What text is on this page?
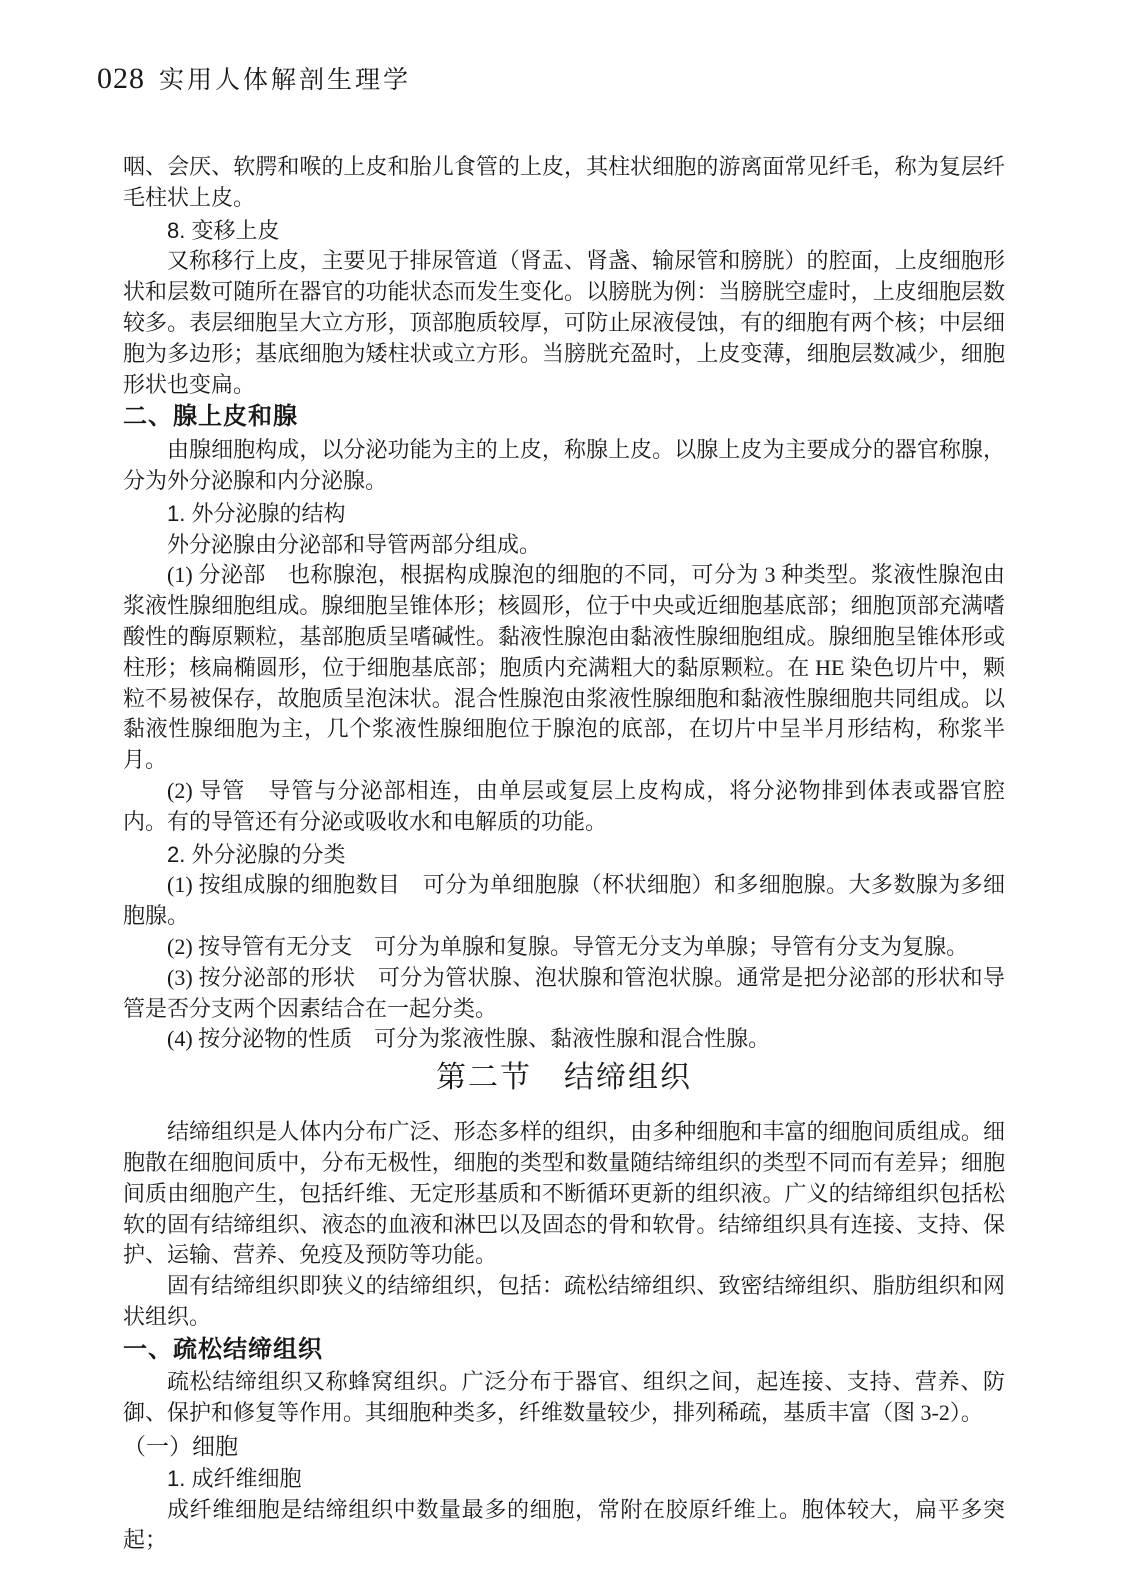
028 实用人体解剖生理学

咽、会厌、软腭和喉的上皮和胎儿食管的上皮，其柱状细胞的游离面常见纤毛，称为复层纤毛柱状上皮。

8. 变移上皮

又称移行上皮，主要见于排尿管道（肾盂、肾盏、输尿管和膀胱）的腔面，上皮细胞形状和层数可随所在器官的功能状态而发生变化。以膀胱为例：当膀胱空虚时，上皮细胞层数较多。表层细胞呈大立方形，顶部胞质较厚，可防止尿液侵蚀，有的细胞有两个核；中层细胞为多边形；基底细胞为矮柱状或立方形。当膀胱充盈时，上皮变薄，细胞层数减少，细胞形状也变扁。

二、腺上皮和腺

由腺细胞构成，以分泌功能为主的上皮，称腺上皮。以腺上皮为主要成分的器官称腺，分为外分泌腺和内分泌腺。

1. 外分泌腺的结构

外分泌腺由分泌部和导管两部分组成。

(1) 分泌部　也称腺泡，根据构成腺泡的细胞的不同，可分为 3 种类型。浆液性腺泡由浆液性腺细胞组成。腺细胞呈锥体形；核圆形，位于中央或近细胞基底部；细胞顶部充满嗜酸性的酶原颗粒，基部胞质呈嗜碱性。黏液性腺泡由黏液性腺细胞组成。腺细胞呈锥体形或柱形；核扁椭圆形，位于细胞基底部；胞质内充满粗大的黏原颗粒。在 HE 染色切片中，颗粒不易被保存，故胞质呈泡沫状。混合性腺泡由浆液性腺细胞和黏液性腺细胞共同组成。以黏液性腺细胞为主，几个浆液性腺细胞位于腺泡的底部，在切片中呈半月形结构，称浆半月。

(2) 导管　导管与分泌部相连，由单层或复层上皮构成，将分泌物排到体表或器官腔内。有的导管还有分泌或吸收水和电解质的功能。

2. 外分泌腺的分类

(1) 按组成腺的细胞数目　可分为单细胞腺（杯状细胞）和多细胞腺。大多数腺为多细胞腺。

(2) 按导管有无分支　可分为单腺和复腺。导管无分支为单腺；导管有分支为复腺。

(3) 按分泌部的形状　可分为管状腺、泡状腺和管泡状腺。通常是把分泌部的形状和导管是否分支两个因素结合在一起分类。

(4) 按分泌物的性质　可分为浆液性腺、黏液性腺和混合性腺。

第二节　结缔组织

结缔组织是人体内分布广泛、形态多样的组织，由多种细胞和丰富的细胞间质组成。细胞散在细胞间质中，分布无极性，细胞的类型和数量随结缔组织的类型不同而有差异；细胞间质由细胞产生，包括纤维、无定形基质和不断循环更新的组织液。广义的结缔组织包括松软的固有结缔组织、液态的血液和淋巴以及固态的骨和软骨。结缔组织具有连接、支持、保护、运输、营养、免疫及预防等功能。

固有结缔组织即狭义的结缔组织，包括：疏松结缔组织、致密结缔组织、脂肪组织和网状组织。

一、疏松结缔组织

疏松结缔组织又称蜂窝组织。广泛分布于器官、组织之间，起连接、支持、营养、防御、保护和修复等作用。其细胞种类多，纤维数量较少，排列稀疏，基质丰富（图 3-2）。

（一）细胞
1. 成纤维细胞

成纤维细胞是结缔组织中数量最多的细胞，常附在胶原纤维上。胞体较大，扁平多突起；
